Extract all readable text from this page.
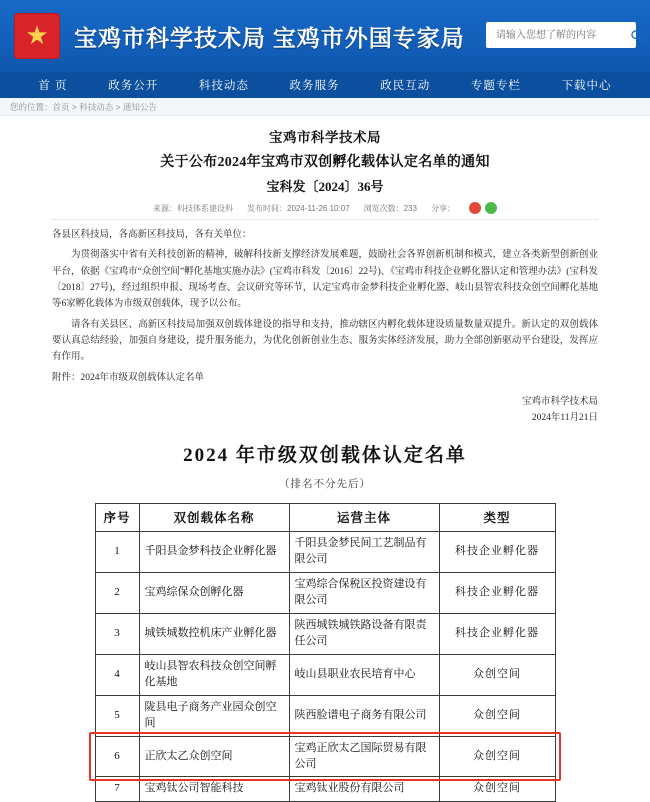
★	宝鸡市科学技术局 宝鸡市外国专家局
请输入您想了解的内容
首 页	政务公开	科技动态	政务服务	政民互动	专题专栏	下载中心
您的位置：首页 > 科技动态 > 通知公告
宝鸡市科学技术局
关于公布2024年宝鸡市双创孵化载体认定名单的通知
宝科发〔2024〕36号
来源：科技体系建设科 发布时间：2024-11-26 10:07 浏览次数：233 分享：

各县区科技局，各高新区科技局，各有关单位：

为贯彻落实中省有关科技创新的精神，破解科技新支撑经济发展难题，鼓励社会各界创新机制和模式，建立各类新型创新创业平台，依据《宝鸡市“众创空间”孵化基地实施办法》(宝鸡市科发〔2016〕22号)、《宝鸡市科技企业孵化器认定和管理办法》(宝科发〔2018〕27号)，经过组织申报、现场考查、会议研究等环节，认定宝鸡市金梦科技企业孵化器、岐山县智农科技众创空间孵化基地等6家孵化载体为市级双创载体，现予以公布。

请各有关县区、高新区科技局加强双创载体建设的指导和支持，推动辖区内孵化载体建设质量数量双提升。新认定的双创载体要认真总结经验，加强自身建设，提升服务能力，为优化创新创业生态、服务实体经济发展，助力全部创新驱动平台建设，发挥应有作用。

附件：2024年市级双创载体认定名单

宝鸡市科学技术局
2024年11月21日
2024 年市级双创载体认定名单
（排名不分先后）
序号	双创载体名称	运营主体	类型
1	千阳县金梦科技企业孵化器	千阳县金梦民间工艺制品有限公司	科技企业孵化器
2	宝鸡综保众创孵化器	宝鸡综合保税区投资建设有限公司	科技企业孵化器
3	城铁城数控机床产业孵化器	陕西城铁城铁路设备有限责任公司	科技企业孵化器
4	岐山县智农科技众创空间孵化基地	岐山县职业农民培育中心	众创空间
5	陇县电子商务产业园众创空间	陕西脸谱电子商务有限公司	众创空间
6	正欣太乙众创空间	宝鸡正欣太乙国际贸易有限公司	众创空间
7	宝鸡钛公司智能科技	宝鸡钛业股份有限公司	众创空间
